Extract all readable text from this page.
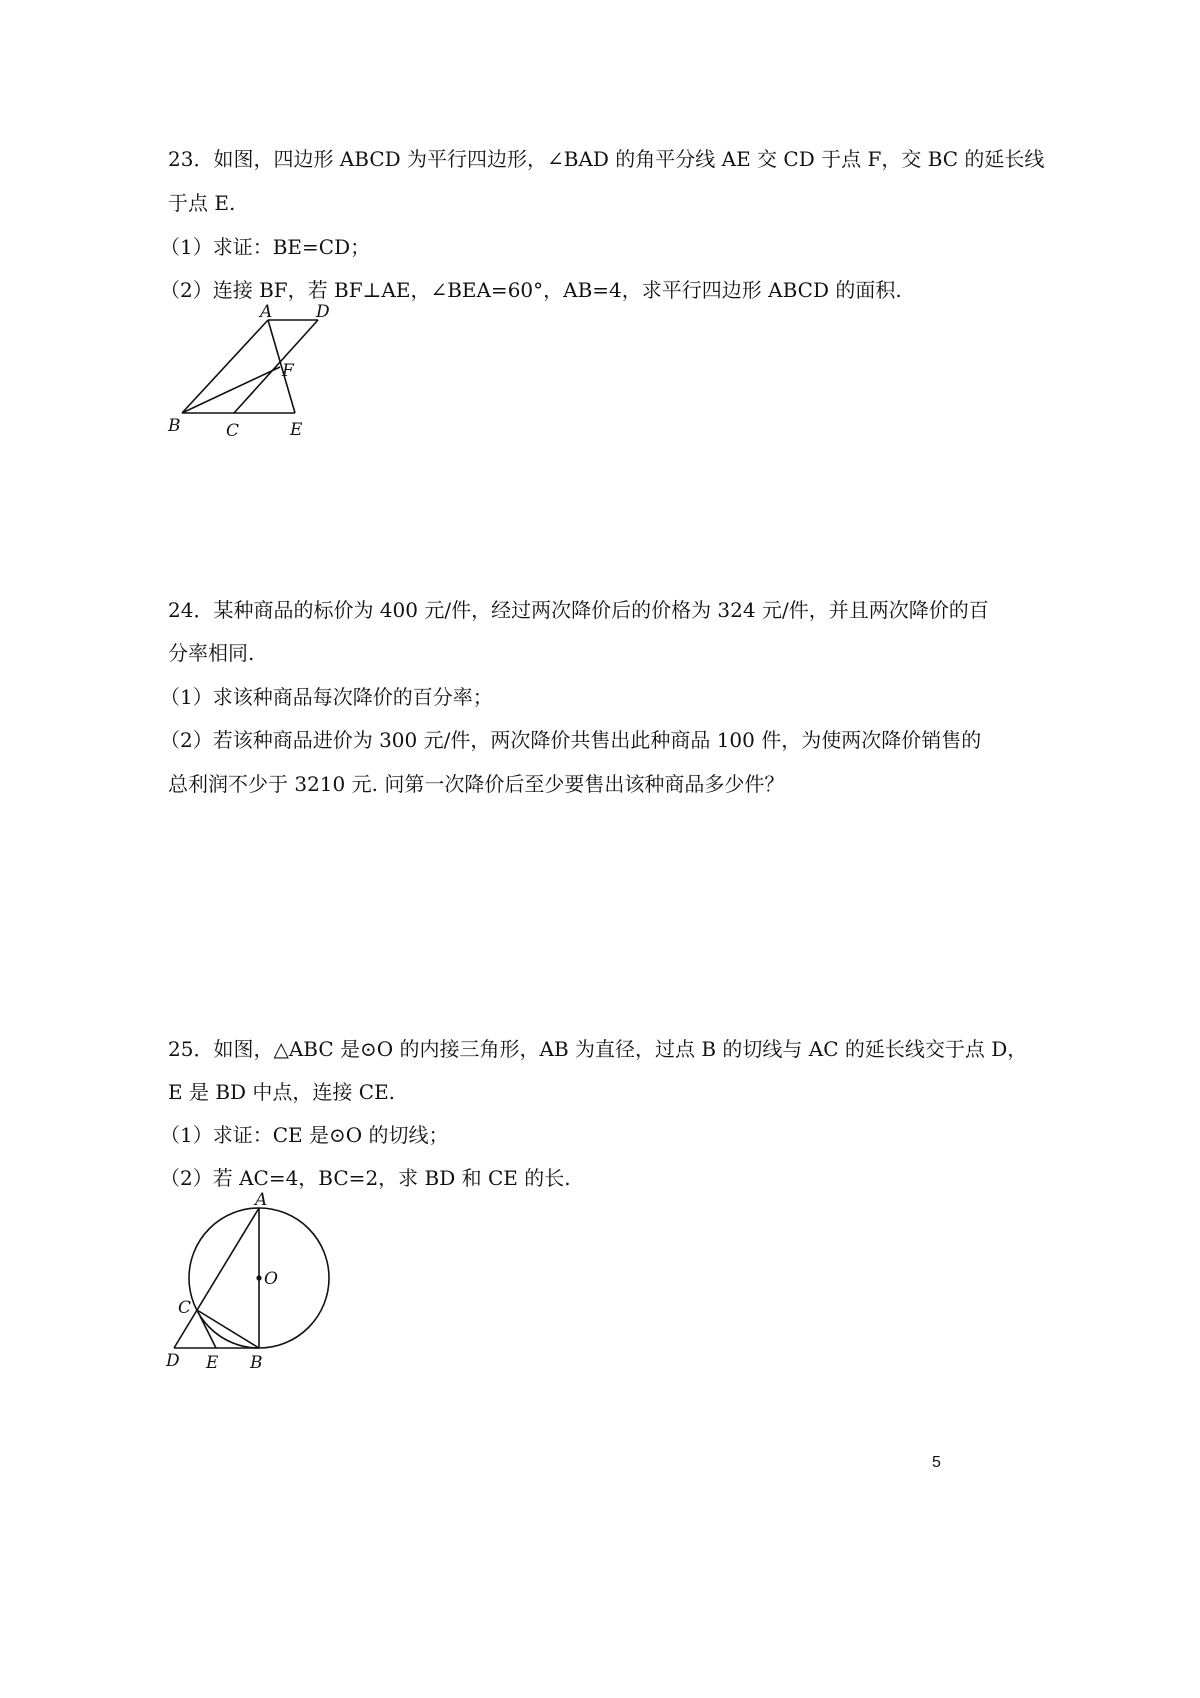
23．如图，四边形 ABCD 为平行四边形，∠BAD 的角平分线 AE 交 CD 于点 F，交 BC 的延长线
于点 E.
（1）求证：BE=CD；
（2）连接 BF，若 BF⊥AE，∠BEA=60°，AB=4，求平行四边形 ABCD 的面积.
A	D
F
B	C	E
24．某种商品的标价为 400 元/件，经过两次降价后的价格为 324 元/件，并且两次降价的百
分率相同.
（1）求该种商品每次降价的百分率；
（2）若该种商品进价为 300 元/件，两次降价共售出此种商品 100 件，为使两次降价销售的
总利润不少于 3210 元. 问第一次降价后至少要售出该种商品多少件？
25．如图，△ABC 是⊙O 的内接三角形，AB 为直径，过点 B 的切线与 AC 的延长线交于点 D，
E 是 BD 中点，连接 CE.
（1）求证：CE 是⊙O 的切线；
（2）若 AC=4，BC=2，求 BD 和 CE 的长.
A
O
C
D E B
5
